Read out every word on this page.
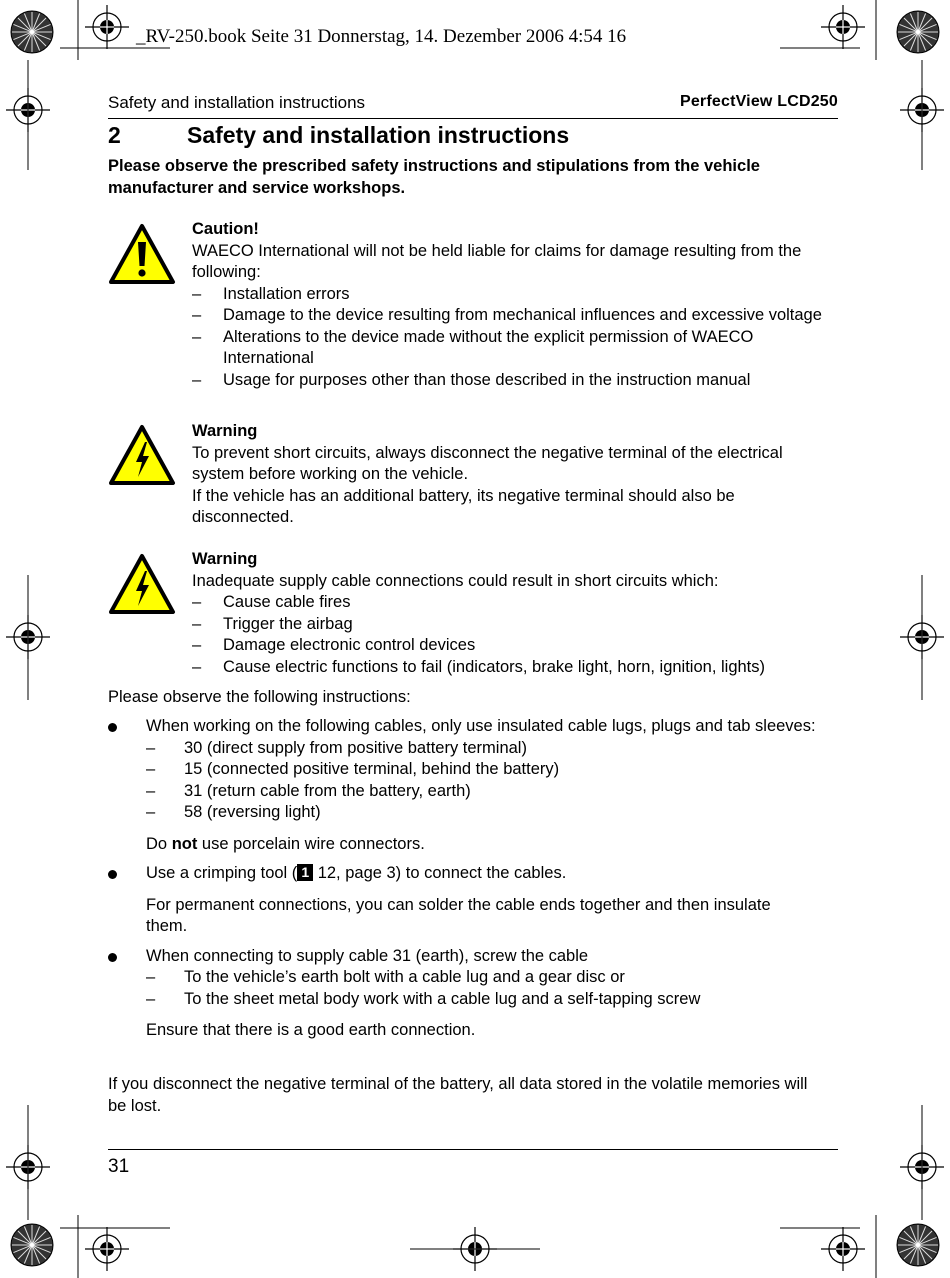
_RV-250.book Seite 31 Donnerstag, 14. Dezember 2006 4:54 16
Safety and installation instructions	PerfectView LCD250
2	Safety and installation instructions
Please observe the prescribed safety instructions and stipulations from the vehicle manufacturer and service workshops.
Caution!
WAECO International will not be held liable for claims for damage resulting from the following:
– Installation errors
– Damage to the device resulting from mechanical influences and excessive voltage
– Alterations to the device made without the explicit permission of WAECO International
– Usage for purposes other than those described in the instruction manual
Warning
To prevent short circuits, always disconnect the negative terminal of the electrical system before working on the vehicle.
If the vehicle has an additional battery, its negative terminal should also be disconnected.
Warning
Inadequate supply cable connections could result in short circuits which:
– Cause cable fires
– Trigger the airbag
– Damage electronic control devices
– Cause electric functions to fail (indicators, brake light, horn, ignition, lights)
Please observe the following instructions:
When working on the following cables, only use insulated cable lugs, plugs and tab sleeves:
– 30 (direct supply from positive battery terminal)
– 15 (connected positive terminal, behind the battery)
– 31 (return cable from the battery, earth)
– 58 (reversing light)
Do not use porcelain wire connectors.
Use a crimping tool ( 1 12, page 3) to connect the cables.
For permanent connections, you can solder the cable ends together and then insulate them.
When connecting to supply cable 31 (earth), screw the cable
– To the vehicle’s earth bolt with a cable lug and a gear disc or
– To the sheet metal body work with a cable lug and a self-tapping screw
Ensure that there is a good earth connection.
If you disconnect the negative terminal of the battery, all data stored in the volatile memories will be lost.
31
